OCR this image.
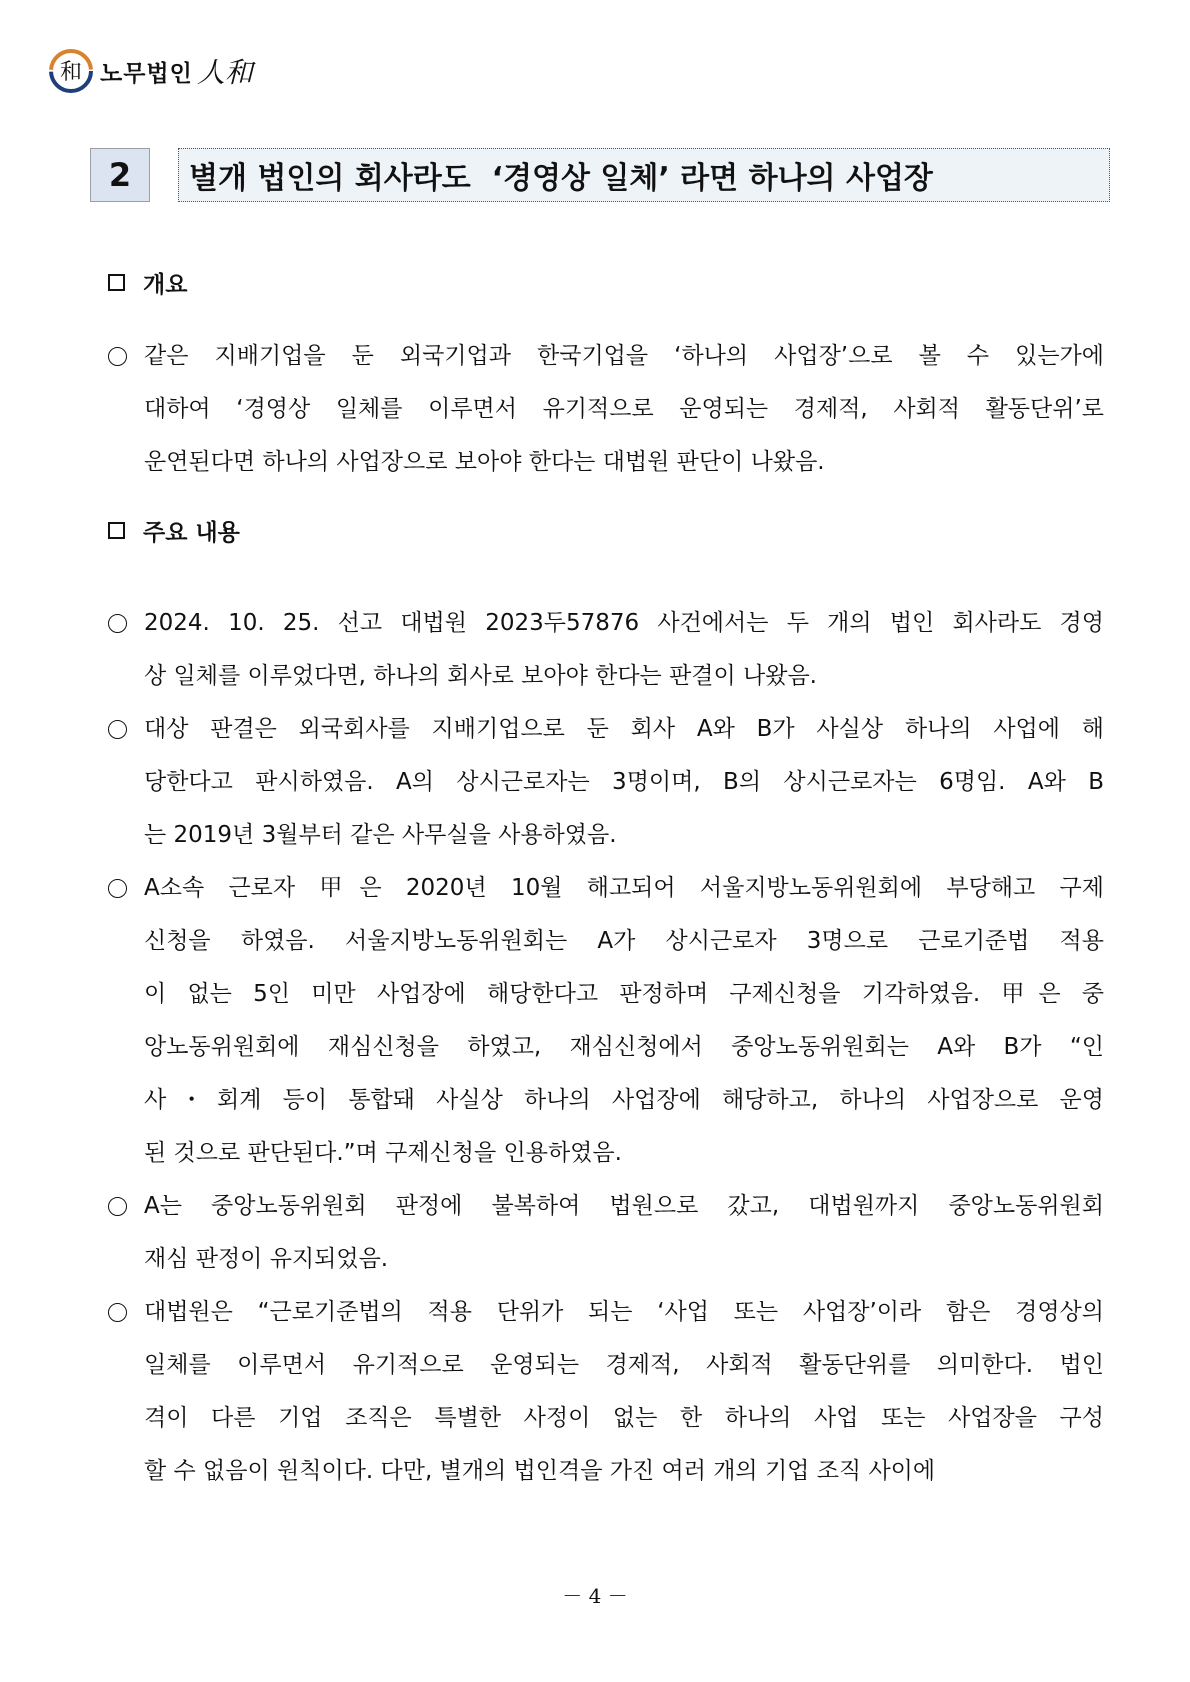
和 노무법인 人和
2	별개 법인의 회사라도  ‘경영상 일체’ 라면 하나의 사업장
개요
같은 지배기업을 둔 외국기업과 한국기업을 ‘하나의 사업장’으로 볼 수 있는가에
대하여 ‘경영상 일체를 이루면서 유기적으로 운영되는 경제적, 사회적 활동단위’로
운연된다면 하나의 사업장으로 보아야 한다는 대법원 판단이 나왔음.
주요 내용
2024. 10. 25. 선고 대법원 2023두57876 사건에서는 두 개의 법인 회사라도 경영
상 일체를 이루었다면, 하나의 회사로 보아야 한다는 판결이 나왔음.
대상 판결은 외국회사를 지배기업으로 둔 회사 A와 B가 사실상 하나의 사업에 해
당한다고 판시하였음. A의 상시근로자는 3명이며, B의 상시근로자는 6명임. A와 B
는 2019년 3월부터 같은 사무실을 사용하였음.
A소속 근로자 甲은 2020년 10월 해고되어 서울지방노동위원회에 부당해고 구제
신청을 하였음. 서울지방노동위원회는 A가 상시근로자 3명으로 근로기준법 적용
이 없는 5인 미만 사업장에 해당한다고 판정하며 구제신청을 기각하였음. 甲은 중
앙노동위원회에 재심신청을 하였고, 재심신청에서 중앙노동위원회는 A와 B가 “인
사・회계 등이 통합돼 사실상 하나의 사업장에 해당하고, 하나의 사업장으로 운영
된 것으로 판단된다.”며 구제신청을 인용하였음.
A는 중앙노동위원회 판정에 불복하여 법원으로 갔고, 대법원까지 중앙노동위원회
재심 판정이 유지되었음.
대법원은 “근로기준법의 적용 단위가 되는 ‘사업 또는 사업장’이라 함은 경영상의
일체를 이루면서 유기적으로 운영되는 경제적, 사회적 활동단위를 의미한다. 법인
격이 다른 기업 조직은 특별한 사정이 없는 한 하나의 사업 또는 사업장을 구성
할 수 없음이 원칙이다. 다만, 별개의 법인격을 가진 여러 개의 기업 조직 사이에
－ 4 －
